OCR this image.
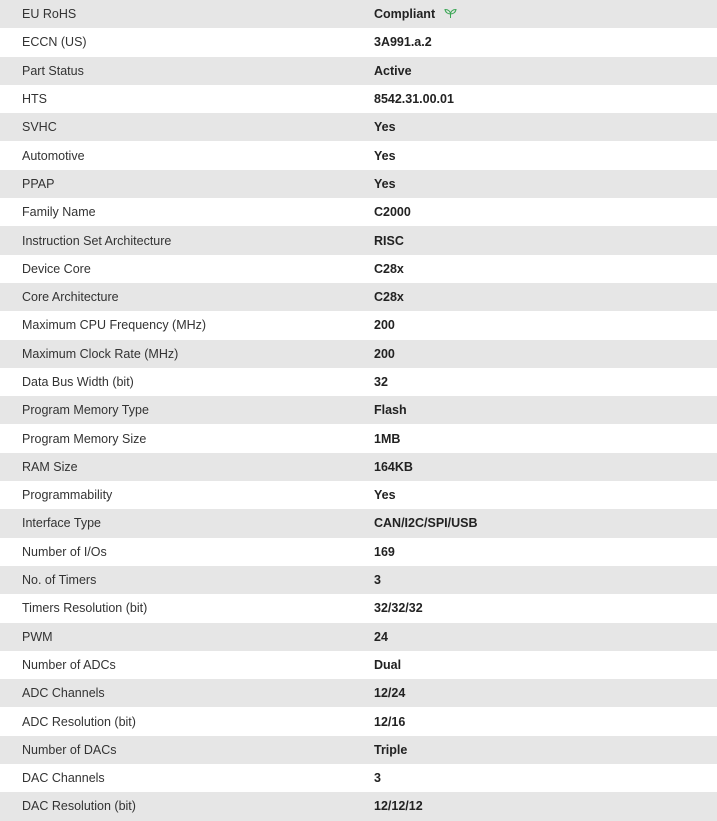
EU RoHS	Compliant
ECCN (US)	3A991.a.2
Part Status	Active
HTS	8542.31.00.01
SVHC	Yes
Automotive	Yes
PPAP	Yes
Family Name	C2000
Instruction Set Architecture	RISC
Device Core	C28x
Core Architecture	C28x
Maximum CPU Frequency (MHz)	200
Maximum Clock Rate (MHz)	200
Data Bus Width (bit)	32
Program Memory Type	Flash
Program Memory Size	1MB
RAM Size	164KB
Programmability	Yes
Interface Type	CAN/I2C/SPI/USB
Number of I/Os	169
No. of Timers	3
Timers Resolution (bit)	32/32/32
PWM	24
Number of ADCs	Dual
ADC Channels	12/24
ADC Resolution (bit)	12/16
Number of DACs	Triple
DAC Channels	3
DAC Resolution (bit)	12/12/12
